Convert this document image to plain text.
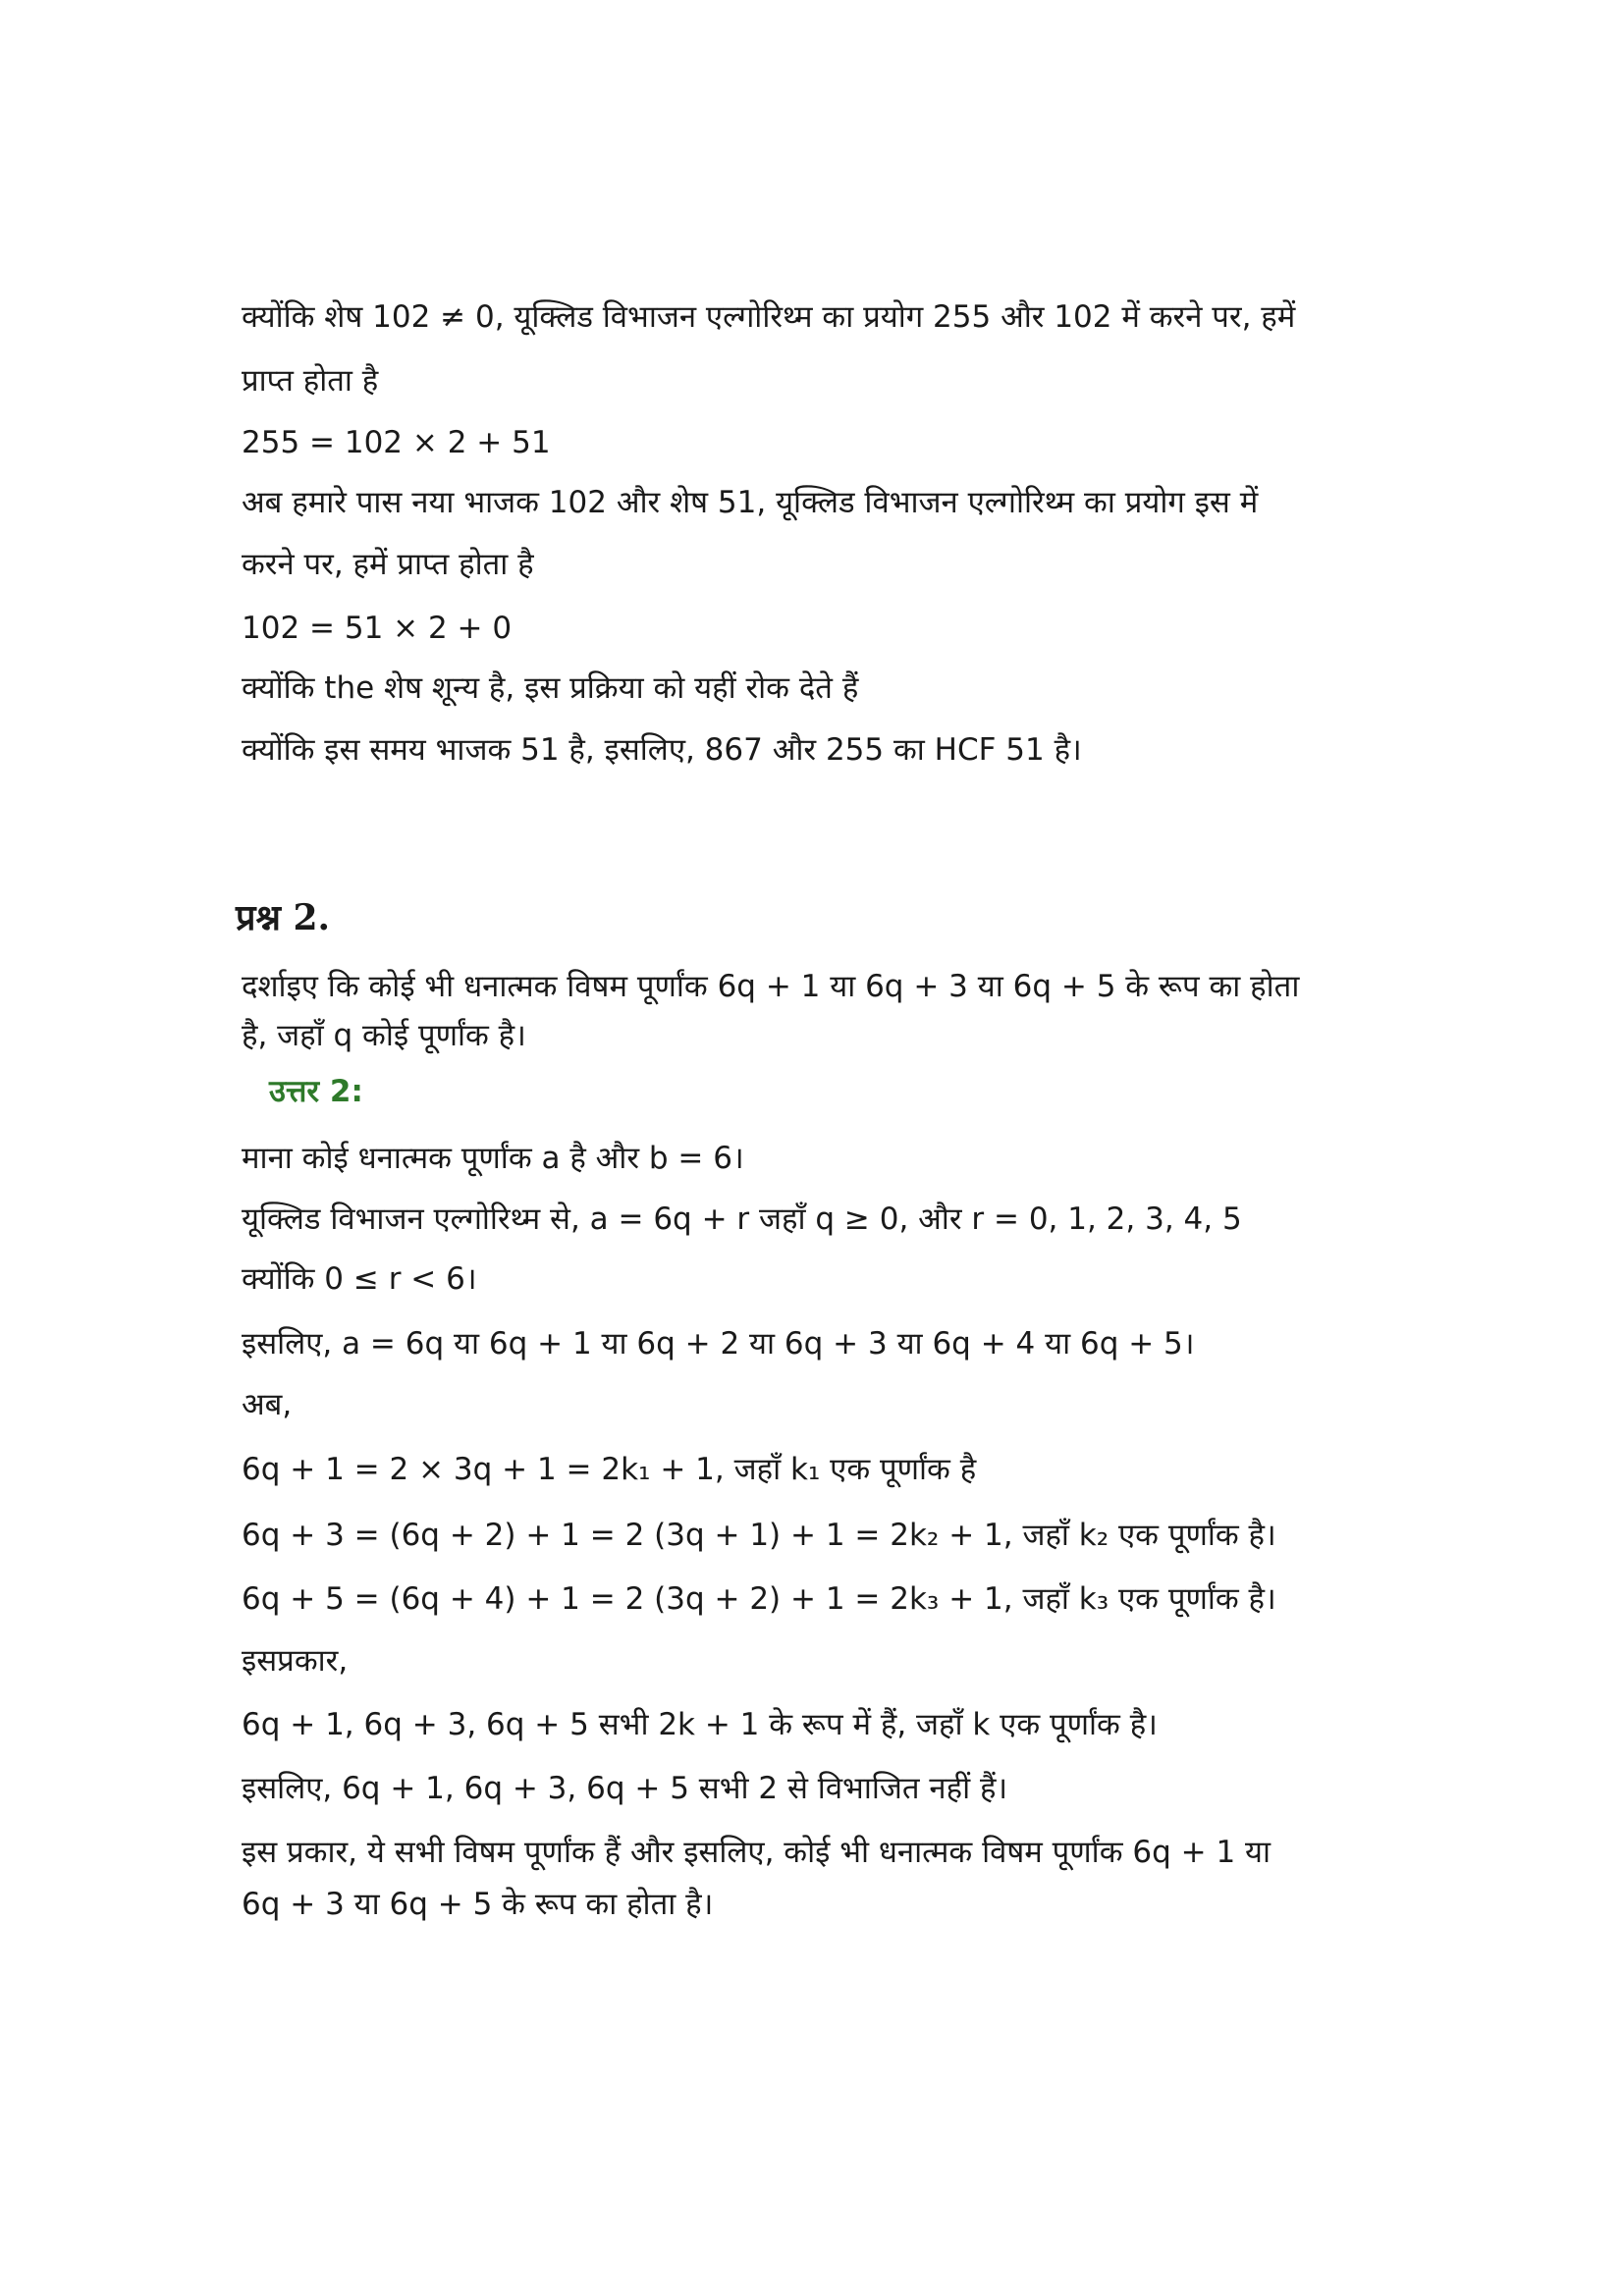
क्योंकि शेष 102 ≠ 0, यूक्लिड विभाजन एल्गोरिथ्म का प्रयोग 255 और 102 में करने पर, हमें
प्राप्त होता है
255 = 102 × 2 + 51
अब हमारे पास नया भाजक 102 और शेष 51, यूक्लिड विभाजन एल्गोरिथ्म का प्रयोग इस में
करने पर, हमें प्राप्त होता है
102 = 51 × 2 + 0
क्योंकि the शेष शून्य है, इस प्रक्रिया को यहीं रोक देते हैं
क्योंकि इस समय भाजक 51 है, इसलिए, 867 और 255 का HCF 51 है।
प्रश्न 2.
दर्शाइए कि कोई भी धनात्मक विषम पूर्णांक 6q + 1 या 6q + 3 या 6q + 5 के रूप का होता
है, जहाँ q कोई पूर्णांक है।
उत्तर 2:
माना कोई धनात्मक पूर्णांक a है और b = 6।
यूक्लिड विभाजन एल्गोरिथ्म से, a = 6q + r जहाँ q ≥ 0, और r = 0, 1, 2, 3, 4, 5
क्योंकि 0 ≤ r < 6।
इसलिए, a = 6q या 6q + 1 या 6q + 2 या 6q + 3 या 6q + 4 या 6q + 5।
अब,
6q + 1 = 2 × 3q + 1 = 2k₁ + 1, जहाँ k₁ एक पूर्णांक है
6q + 3 = (6q + 2) + 1 = 2 (3q + 1) + 1 = 2k₂ + 1, जहाँ k₂ एक पूर्णांक है।
6q + 5 = (6q + 4) + 1 = 2 (3q + 2) + 1 = 2k₃ + 1, जहाँ k₃ एक पूर्णांक है।
इसप्रकार,
6q + 1, 6q + 3, 6q + 5 सभी 2k + 1 के रूप में हैं, जहाँ k एक पूर्णांक है।
इसलिए, 6q + 1, 6q + 3, 6q + 5 सभी 2 से विभाजित नहीं हैं।
इस प्रकार, ये सभी विषम पूर्णांक हैं और इसलिए, कोई भी धनात्मक विषम पूर्णांक 6q + 1 या
6q + 3 या 6q + 5 के रूप का होता है।
